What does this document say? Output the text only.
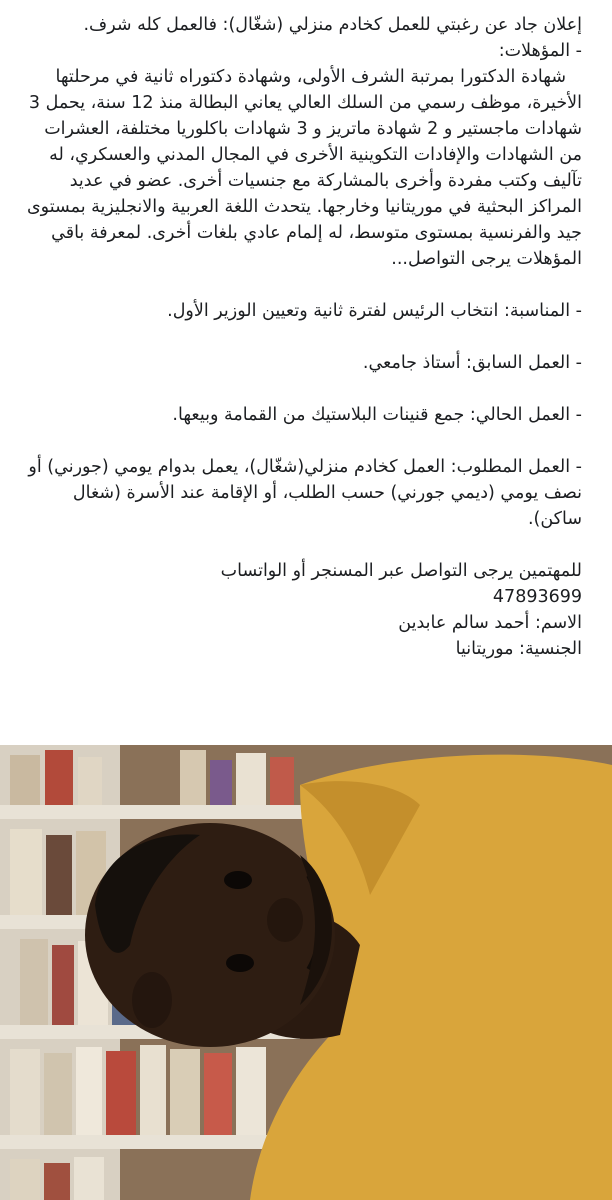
إعلان جاد عن رغبتي للعمل كخادم منزلي (شغّال): فالعمل كله شرف.

- المؤهلات:

شهادة الدكتورا بمرتبة الشرف الأولى، وشهادة دكتوراه ثانية في مرحلتها الأخيرة، موظف رسمي من السلك العالي يعاني البطالة منذ 12 سنة، يحمل 3 شهادات ماجستير و 2 شهادة ماتريز و 3 شهادات باكلوريا مختلفة، العشرات من الشهادات والإفادات التكوينية الأخرى في المجال المدني والعسكري، له تآليف وكتب مفردة وأخرى بالمشاركة مع جنسيات أخرى. عضو في عديد المراكز البحثية في موريتانيا وخارجها. يتحدث اللغة العربية والانجليزية بمستوى جيد والفرنسية بمستوى متوسط، له إلمام عادي بلغات أخرى. لمعرفة باقي المؤهلات يرجى التواصل...

- المناسبة: انتخاب الرئيس لفترة ثانية وتعيين الوزير الأول.

- العمل السابق: أستاذ جامعي.

- العمل الحالي: جمع قنينات البلاستيك من القمامة وبيعها.

- العمل المطلوب: العمل كخادم منزلي(شغّال)، يعمل بدوام يومي (جورني) أو نصف يومي (ديمي جورني) حسب الطلب، أو الإقامة عند الأسرة (شغال ساكن).

للمهتمين يرجى التواصل عبر المسنجر أو الواتساب

47893699

الاسم: أحمد سالم عابدين

الجنسية: موريتانيا
